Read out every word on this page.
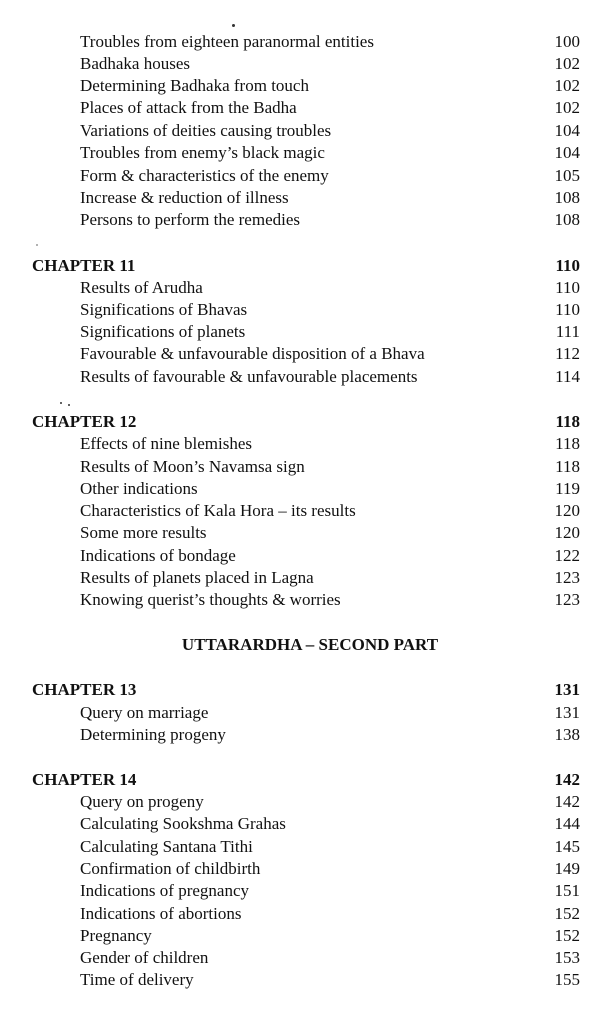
Troubles from eighteen paranormal entities	100
Badhaka houses	102
Determining Badhaka from touch	102
Places of attack from the Badha	102
Variations of deities causing troubles	104
Troubles from enemy’s black magic	104
Form & characteristics of the enemy	105
Increase & reduction of illness	108
Persons to perform the remedies	108
CHAPTER 11	110
Results of Arudha	110
Significations of Bhavas	110
Significations of planets	111
Favourable & unfavourable disposition of a Bhava	112
Results of favourable & unfavourable placements	114
CHAPTER 12	118
Effects of nine blemishes	118
Results of Moon’s Navamsa sign	118
Other indications	119
Characteristics of Kala Hora – its results	120
Some more results	120
Indications of bondage	122
Results of planets placed in Lagna	123
Knowing querist’s thoughts & worries	123
UTTARARDHA – SECOND PART
CHAPTER 13	131
Query on marriage	131
Determining progeny	138
CHAPTER 14	142
Query on progeny	142
Calculating Sookshma Grahas	144
Calculating Santana Tithi	145
Confirmation of childbirth	149
Indications of pregnancy	151
Indications of abortions	152
Pregnancy	152
Gender of children	153
Time of delivery	155
